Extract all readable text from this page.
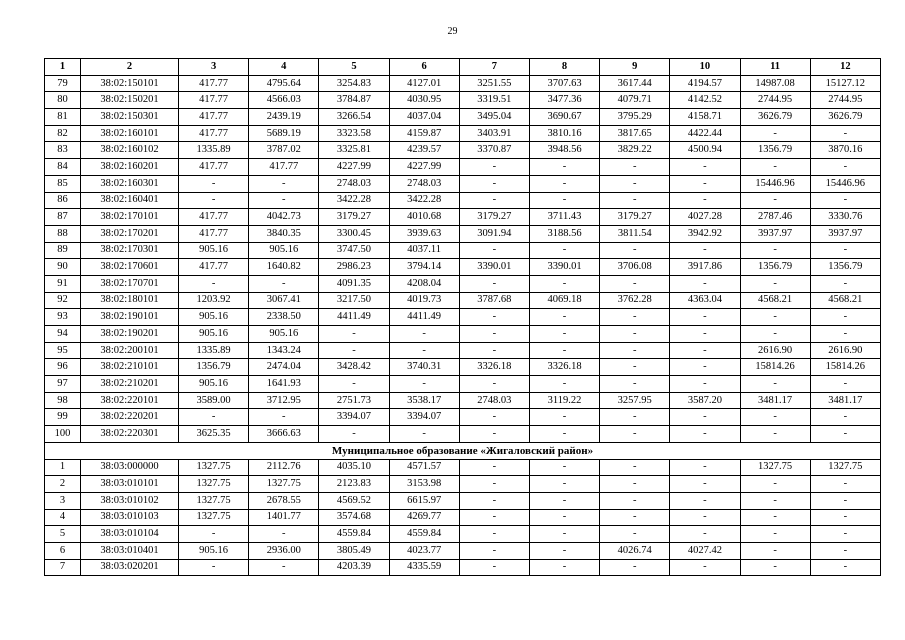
29
1	2	3	4	5	6	7	8	9	10	11	12
79	38:02:150101	417.77	4795.64	3254.83	4127.01	3251.55	3707.63	3617.44	4194.57	14987.08	15127.12
80	38:02:150201	417.77	4566.03	3784.87	4030.95	3319.51	3477.36	4079.71	4142.52	2744.95	2744.95
81	38:02:150301	417.77	2439.19	3266.54	4037.04	3495.04	3690.67	3795.29	4158.71	3626.79	3626.79
82	38:02:160101	417.77	5689.19	3323.58	4159.87	3403.91	3810.16	3817.65	4422.44	-	-
83	38:02:160102	1335.89	3787.02	3325.81	4239.57	3370.87	3948.56	3829.22	4500.94	1356.79	3870.16
84	38:02:160201	417.77	417.77	4227.99	4227.99	-	-	-	-	-	-
85	38:02:160301	-	-	2748.03	2748.03	-	-	-	-	15446.96	15446.96
86	38:02:160401	-	-	3422.28	3422.28	-	-	-	-	-	-
87	38:02:170101	417.77	4042.73	3179.27	4010.68	3179.27	3711.43	3179.27	4027.28	2787.46	3330.76
88	38:02:170201	417.77	3840.35	3300.45	3939.63	3091.94	3188.56	3811.54	3942.92	3937.97	3937.97
89	38:02:170301	905.16	905.16	3747.50	4037.11	-	-	-	-	-	-
90	38:02:170601	417.77	1640.82	2986.23	3794.14	3390.01	3390.01	3706.08	3917.86	1356.79	1356.79
91	38:02:170701	-	-	4091.35	4208.04	-	-	-	-	-	-
92	38:02:180101	1203.92	3067.41	3217.50	4019.73	3787.68	4069.18	3762.28	4363.04	4568.21	4568.21
93	38:02:190101	905.16	2338.50	4411.49	4411.49	-	-	-	-	-	-
94	38:02:190201	905.16	905.16	-	-	-	-	-	-	-	-
95	38:02:200101	1335.89	1343.24	-	-	-	-	-	-	2616.90	2616.90
96	38:02:210101	1356.79	2474.04	3428.42	3740.31	3326.18	3326.18	-	-	15814.26	15814.26
97	38:02:210201	905.16	1641.93	-	-	-	-	-	-	-	-
98	38:02:220101	3589.00	3712.95	2751.73	3538.17	2748.03	3119.22	3257.95	3587.20	3481.17	3481.17
99	38:02:220201	-	-	3394.07	3394.07	-	-	-	-	-	-
100	38:02:220301	3625.35	3666.63	-	-	-	-	-	-	-	-
Муниципальное образование «Жигаловский район»											
1	38:03:000000	1327.75	2112.76	4035.10	4571.57	-	-	-	-	1327.75	1327.75
2	38:03:010101	1327.75	1327.75	2123.83	3153.98	-	-	-	-	-	-
3	38:03:010102	1327.75	2678.55	4569.52	6615.97	-	-	-	-	-	-
4	38:03:010103	1327.75	1401.77	3574.68	4269.77	-	-	-	-	-	-
5	38:03:010104	-	-	4559.84	4559.84	-	-	-	-	-	-
6	38:03:010401	905.16	2936.00	3805.49	4023.77	-	-	4026.74	4027.42	-	-
7	38:03:020201	-	-	4203.39	4335.59	-	-	-	-	-	-
